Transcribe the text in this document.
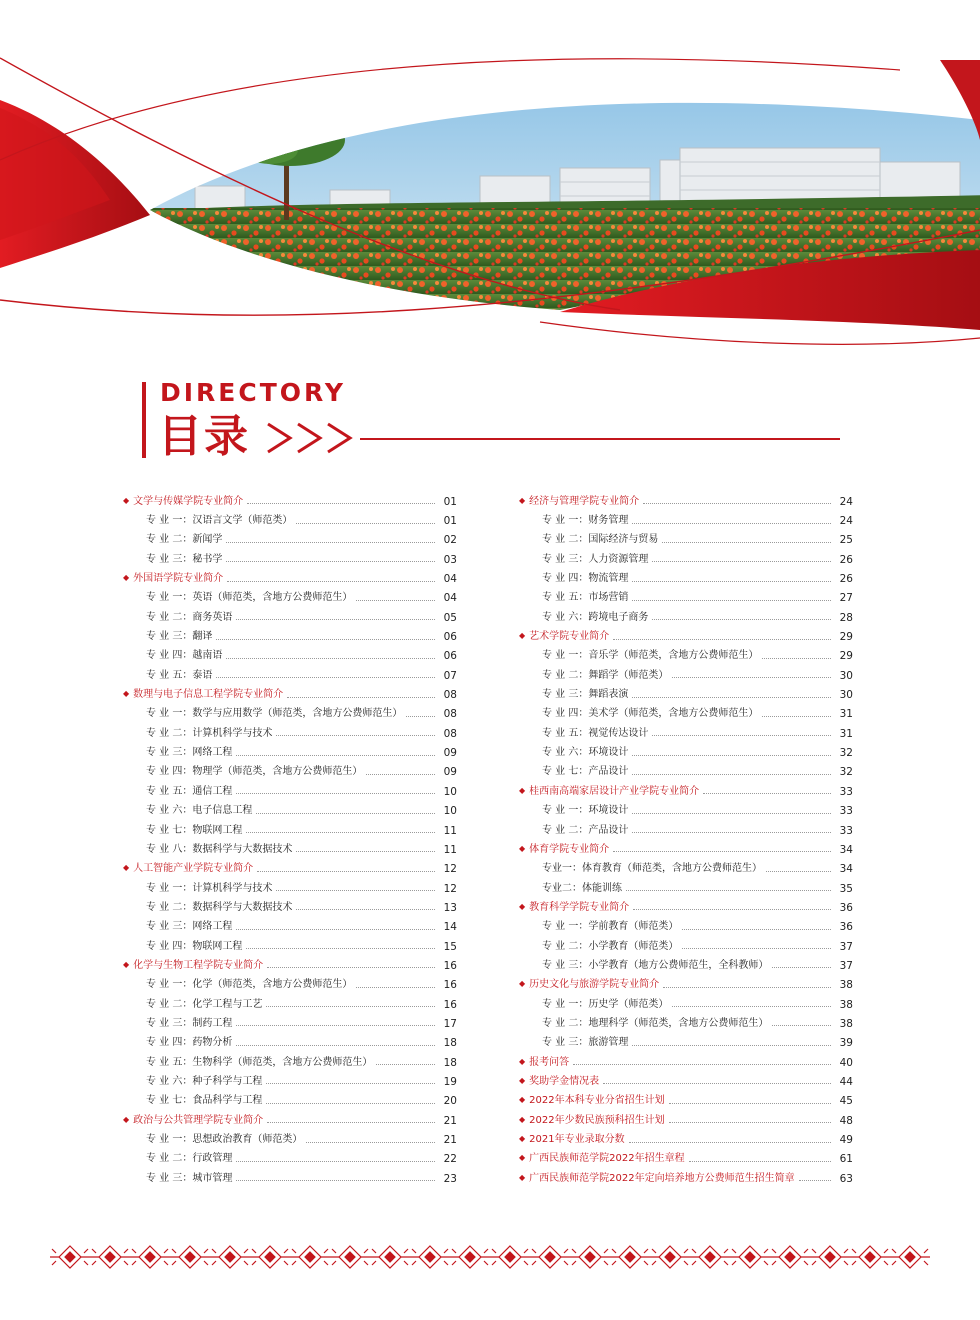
DIRECTORY
目录
◆ 文学与传媒学院专业简介	01
专 业 一：汉语言文学（师范类）	01
专 业 二：新闻学	02
专 业 三：秘书学	03
◆ 外国语学院专业简介	04
专 业 一：英语（师范类，含地方公费师范生）	04
专 业 二：商务英语	05
专 业 三：翻译	06
专 业 四：越南语	06
专 业 五：泰语	07
◆ 数理与电子信息工程学院专业简介	08
专 业 一：数学与应用数学（师范类，含地方公费师范生）	08
专 业 二：计算机科学与技术	08
专 业 三：网络工程	09
专 业 四：物理学（师范类，含地方公费师范生）	09
专 业 五：通信工程	10
专 业 六：电子信息工程	10
专 业 七：物联网工程	11
专 业 八：数据科学与大数据技术	11
◆ 人工智能产业学院专业简介	12
专 业 一：计算机科学与技术	12
专 业 二：数据科学与大数据技术	13
专 业 三：网络工程	14
专 业 四：物联网工程	15
◆ 化学与生物工程学院专业简介	16
专 业 一：化学（师范类，含地方公费师范生）	16
专 业 二：化学工程与工艺	16
专 业 三：制药工程	17
专 业 四：药物分析	18
专 业 五：生物科学（师范类，含地方公费师范生）	18
专 业 六：种子科学与工程	19
专 业 七：食品科学与工程	20
◆ 政治与公共管理学院专业简介	21
专 业 一：思想政治教育（师范类）	21
专 业 二：行政管理	22
专 业 三：城市管理	23
◆ 经济与管理学院专业简介	24
专 业 一：财务管理	24
专 业 二：国际经济与贸易	25
专 业 三：人力资源管理	26
专 业 四：物流管理	26
专 业 五：市场营销	27
专 业 六：跨境电子商务	28
◆ 艺术学院专业简介	29
专 业 一：音乐学（师范类，含地方公费师范生）	29
专 业 二：舞蹈学（师范类）	30
专 业 三：舞蹈表演	30
专 业 四：美术学（师范类，含地方公费师范生）	31
专 业 五：视觉传达设计	31
专 业 六：环境设计	32
专 业 七：产品设计	32
◆ 桂西南高端家居设计产业学院专业简介	33
专 业 一：环境设计	33
专 业 二：产品设计	33
◆ 体育学院专业简介	34
专业一：体育教育（师范类，含地方公费师范生）	34
专业二：体能训练	35
◆ 教育科学学院专业简介	36
专 业 一：学前教育（师范类）	36
专 业 二：小学教育（师范类）	37
专 业 三：小学教育（地方公费师范生，全科教师）	37
◆ 历史文化与旅游学院专业简介	38
专 业 一：历史学（师范类）	38
专 业 二：地理科学（师范类，含地方公费师范生）	38
专 业 三：旅游管理	39
◆ 报考问答	40
◆ 奖助学金情况表	44
◆ 2022年本科专业分省招生计划	45
◆ 2022年少数民族预科招生计划	48
◆ 2021年专业录取分数	49
◆ 广西民族师范学院2022年招生章程	61
◆ 广西民族师范学院2022年定向培养地方公费师范生招生简章	63
